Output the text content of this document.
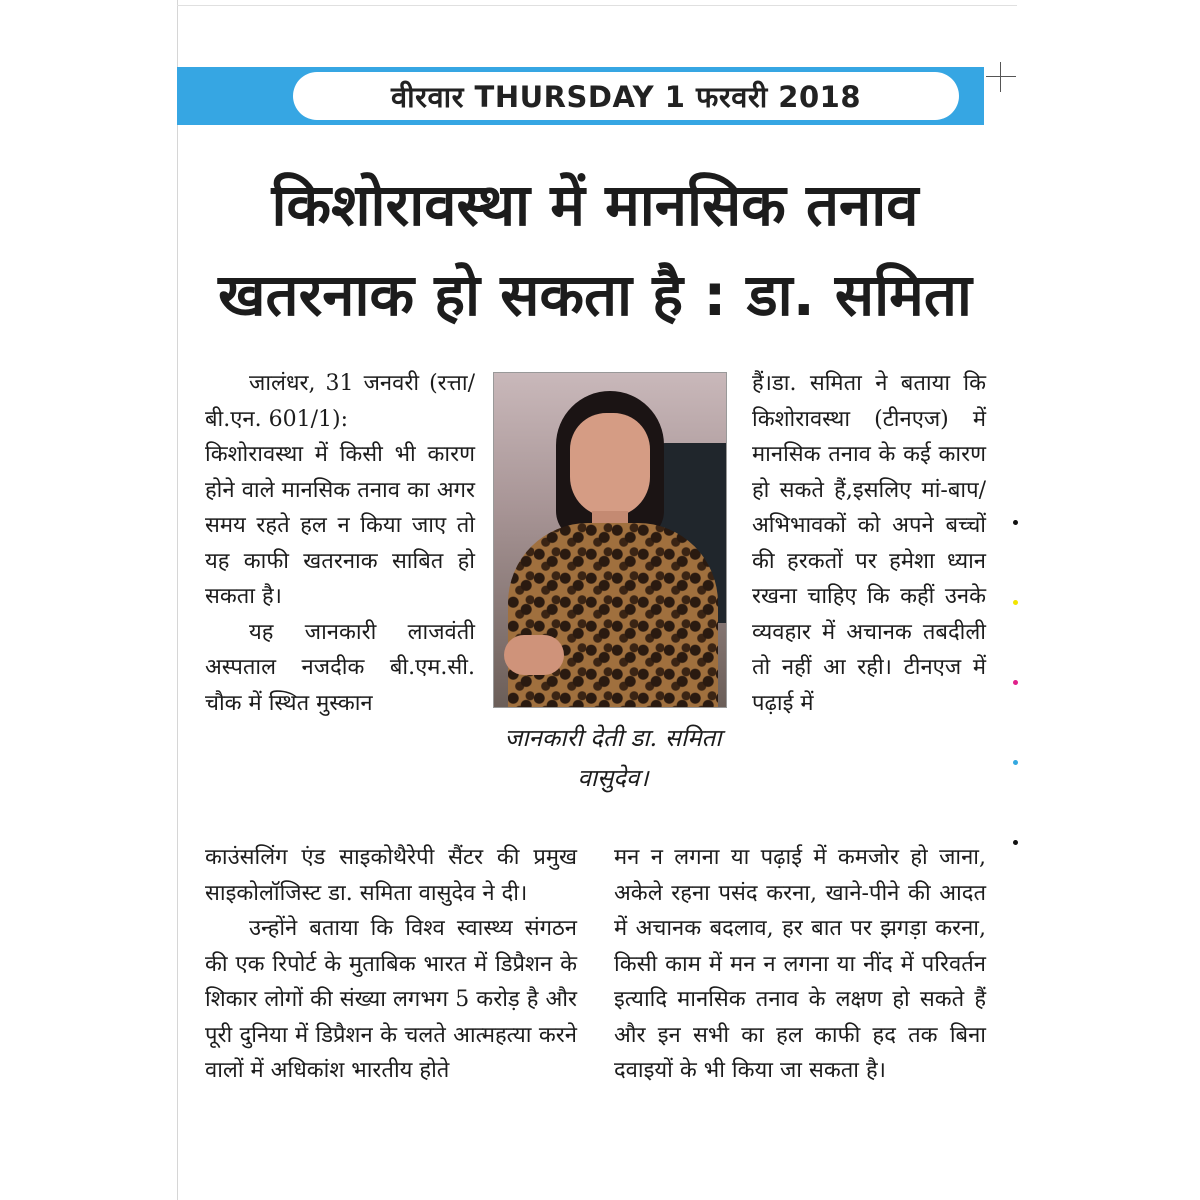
वीरवार THURSDAY 1 फरवरी 2018
किशोरावस्था में मानसिक तनाव
खतरनाक हो सकता है : डा. समिता

जालंधर, 31 जनवरी (रत्ता/ बी.एन. 601/1):

किशोरावस्था में किसी भी कारण होने वाले मानसिक तनाव का अगर समय रहते हल न किया जाए तो यह काफी खतरनाक साबित हो सकता है।

यह जानकारी लाजवंती अस्पताल नजदीक बी.एम.सी. चौक में स्थित मुस्कान

जानकारी देती डा. समिता वासुदेव।

हैं।डा. समिता ने बताया कि किशोरावस्था (टीनएज) में मानसिक तनाव के कई कारण हो सकते हैं,इसलिए मां-बाप/ अभिभावकों को अपने बच्चों की हरकतों पर हमेशा ध्यान रखना चाहिए कि कहीं उनके व्यवहार में अचानक तबदीली तो नहीं आ रही। टीनएज में पढ़ाई में

काउंसलिंग एंड साइकोथैरेपी सैंटर की प्रमुख साइकोलॉजिस्ट डा. समिता वासुदेव ने दी।

उन्होंने बताया कि विश्व स्वास्थ्य संगठन की एक रिपोर्ट के मुताबिक भारत में डिप्रैशन के शिकार लोगों की संख्या लगभग 5 करोड़ है और पूरी दुनिया में डिप्रैशन के चलते आत्महत्या करने वालों में अधिकांश भारतीय होते

मन न लगना या पढ़ाई में कमजोर हो जाना, अकेले रहना पसंद करना, खाने-पीने की आदत में अचानक बदलाव, हर बात पर झगड़ा करना, किसी काम में मन न लगना या नींद में परिवर्तन इत्यादि मानसिक तनाव के लक्षण हो सकते हैं और इन सभी का हल काफी हद तक बिना दवाइयों के भी किया जा सकता है।
